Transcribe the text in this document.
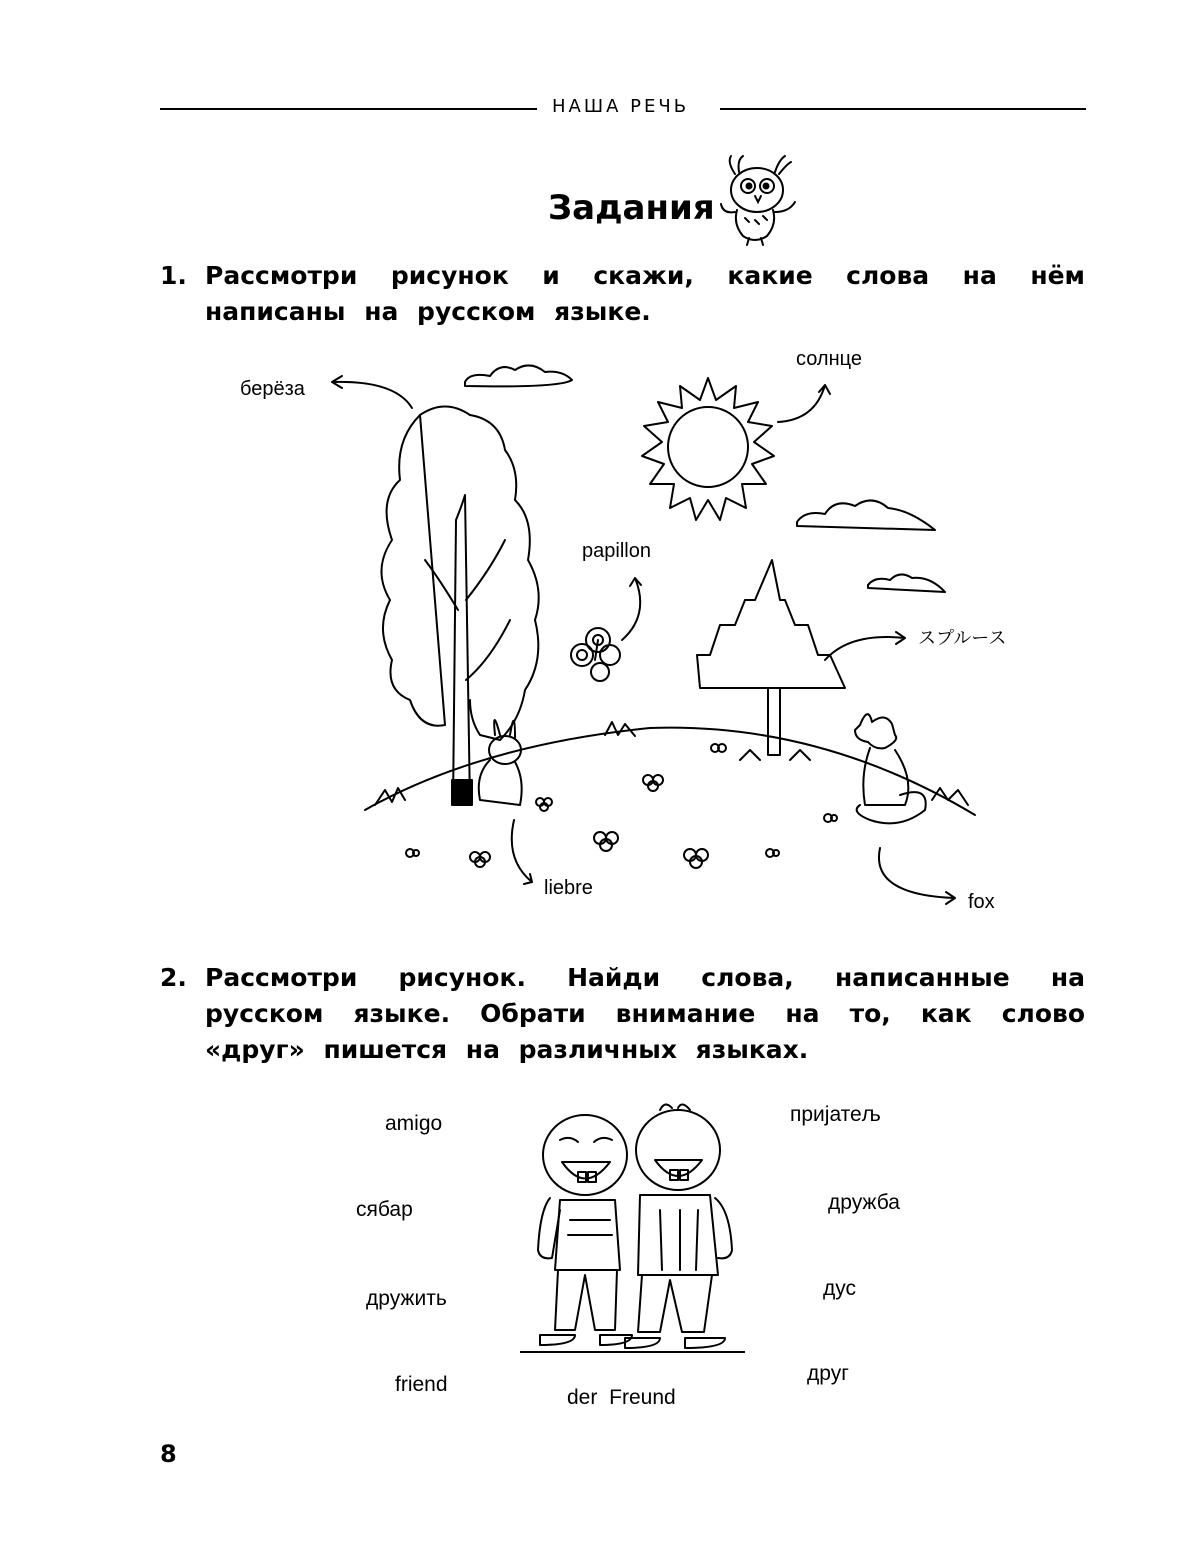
НАША РЕЧЬ
Задания
1. Рассмотри рисунок и скажи, какие слова на нём написаны на русском языке.
берёза
солнце
papillon
スプルース
liebre
fox
2. Рассмотри рисунок. Найди слова, написанные на русском языке. Обрати внимание на то, как слово «друг» пишется на различных языках.
amigo
сябар
дружить
friend
der Freund
пријатељ
дружба
дус
друг
8
